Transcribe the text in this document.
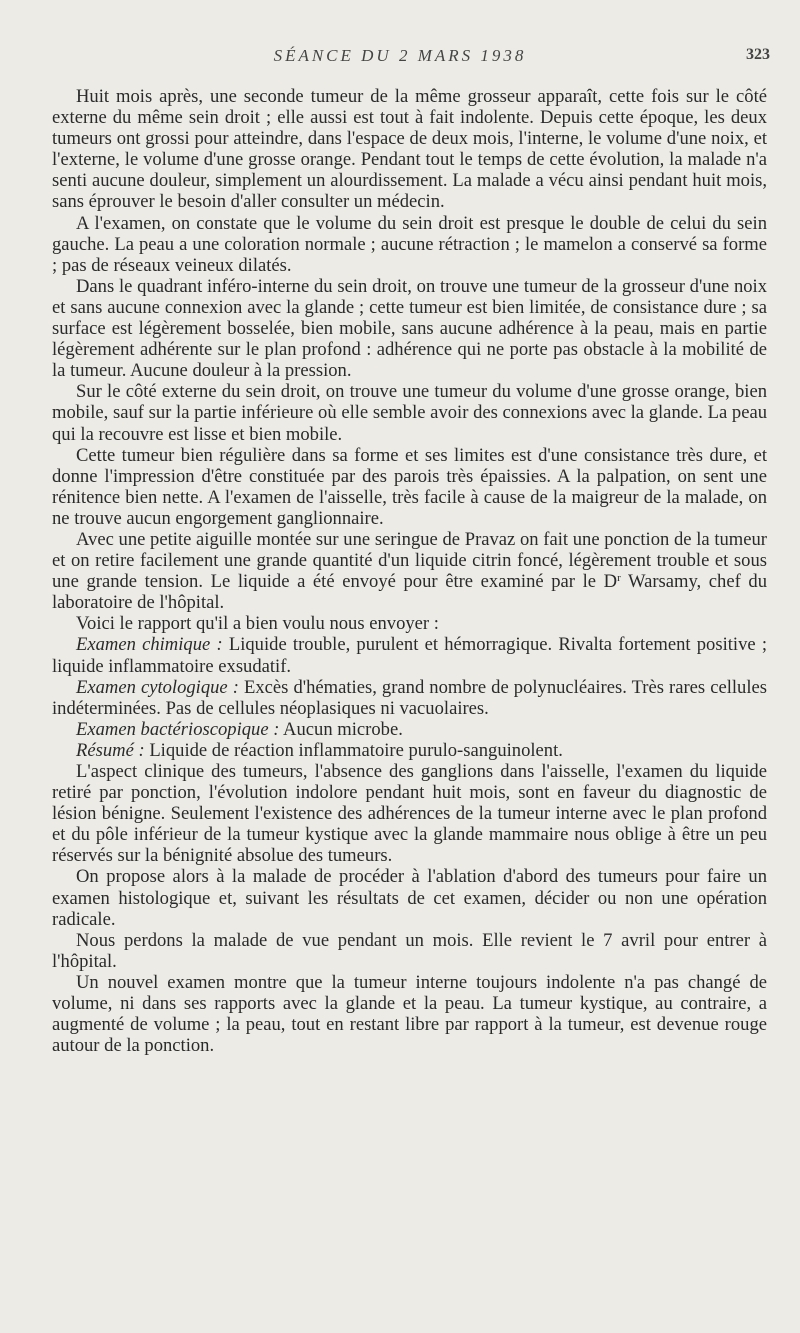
SÉANCE DU 2 MARS 1938	323

Huit mois après, une seconde tumeur de la même grosseur apparaît, cette fois sur le côté externe du même sein droit ; elle aussi est tout à fait indolente. Depuis cette époque, les deux tumeurs ont grossi pour atteindre, dans l'espace de deux mois, l'interne, le volume d'une noix, et l'externe, le volume d'une grosse orange. Pendant tout le temps de cette évolution, la malade n'a senti aucune douleur, simplement un alourdissement. La malade a vécu ainsi pendant huit mois, sans éprouver le besoin d'aller consulter un médecin.

A l'examen, on constate que le volume du sein droit est presque le double de celui du sein gauche. La peau a une coloration normale ; aucune rétraction ; le mamelon a conservé sa forme ; pas de réseaux veineux dilatés.

Dans le quadrant inféro-interne du sein droit, on trouve une tumeur de la grosseur d'une noix et sans aucune connexion avec la glande ; cette tumeur est bien limitée, de consistance dure ; sa surface est légèrement bosselée, bien mobile, sans aucune adhérence à la peau, mais en partie légèrement adhérente sur le plan profond : adhérence qui ne porte pas obstacle à la mobilité de la tumeur. Aucune douleur à la pression.

Sur le côté externe du sein droit, on trouve une tumeur du volume d'une grosse orange, bien mobile, sauf sur la partie inférieure où elle semble avoir des connexions avec la glande. La peau qui la recouvre est lisse et bien mobile.

Cette tumeur bien régulière dans sa forme et ses limites est d'une consistance très dure, et donne l'impression d'être constituée par des parois très épaissies. A la palpation, on sent une rénitence bien nette. A l'examen de l'aisselle, très facile à cause de la maigreur de la malade, on ne trouve aucun engorgement ganglionnaire.

Avec une petite aiguille montée sur une seringue de Pravaz on fait une ponction de la tumeur et on retire facilement une grande quantité d'un liquide citrin foncé, légèrement trouble et sous une grande tension. Le liquide a été envoyé pour être examiné par le $D^r$ Warsamy, chef du laboratoire de l'hôpital.

Voici le rapport qu'il a bien voulu nous envoyer :

Examen chimique : Liquide trouble, purulent et hémorragique. Rivalta fortement positive ; liquide inflammatoire exsudatif.

Examen cytologique : Excès d'hématies, grand nombre de polynucléaires. Très rares cellules indéterminées. Pas de cellules néoplasiques ni vacuolaires.

Examen bactérioscopique : Aucun microbe.

Résumé : Liquide de réaction inflammatoire purulo-sanguinolent.

L'aspect clinique des tumeurs, l'absence des ganglions dans l'aisselle, l'examen du liquide retiré par ponction, l'évolution indolore pendant huit mois, sont en faveur du diagnostic de lésion bénigne. Seulement l'existence des adhérences de la tumeur interne avec le plan profond et du pôle inférieur de la tumeur kystique avec la glande mammaire nous oblige à être un peu réservés sur la bénignité absolue des tumeurs.

On propose alors à la malade de procéder à l'ablation d'abord des tumeurs pour faire un examen histologique et, suivant les résultats de cet examen, décider ou non une opération radicale.

Nous perdons la malade de vue pendant un mois. Elle revient le 7 avril pour entrer à l'hôpital.

Un nouvel examen montre que la tumeur interne toujours indolente n'a pas changé de volume, ni dans ses rapports avec la glande et la peau. La tumeur kystique, au contraire, a augmenté de volume ; la peau, tout en restant libre par rapport à la tumeur, est devenue rouge autour de la ponction.
